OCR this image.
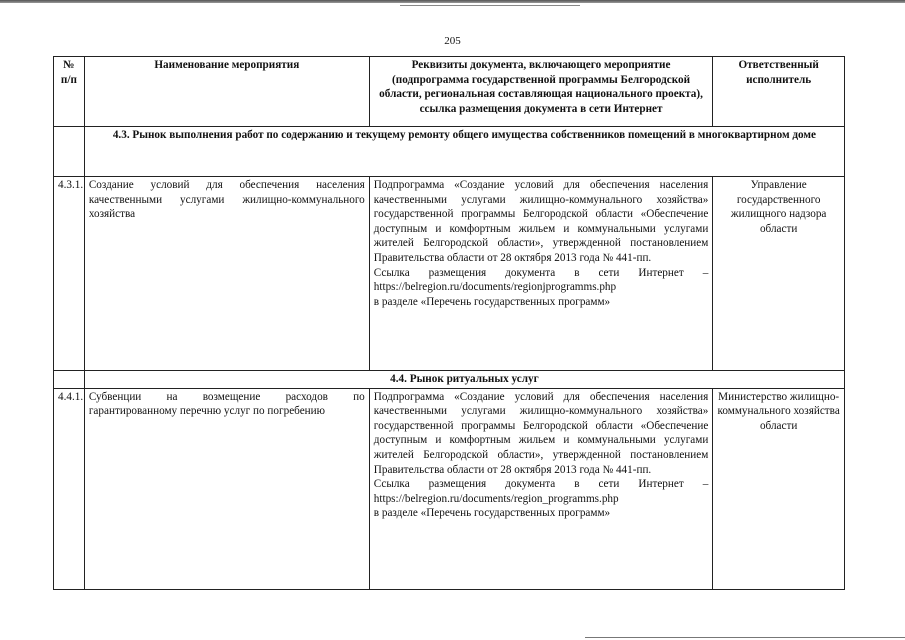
205
№ п/п	Наименование мероприятия	Реквизиты документа, включающего мероприятие (подпрограмма государственной программы Белгородской области, региональная составляющая национального проекта), ссылка размещения документа в сети Интернет	Ответственный исполнитель
	4.3. Рынок выполнения работ по содержанию и текущему ремонту общего имущества собственников помещений в многоквартирном доме		
4.3.1.	Создание условий для обеспечения населения качественными услугами жилищно-коммунального хозяйства	Подпрограмма «Создание условий для обеспечения населения качественными услугами жилищно-коммунального хозяйства» государственной программы Белгородской области «Обеспечение доступным и комфортным жильем и коммунальными услугами жителей Белгородской области», утвержденной постановлением Правительства области от 28 октября 2013 года № 441-пп.
Ссылка размещения документа в сети Интернет – https://belregion.ru/documents/regionjprogramms.php
в разделе «Перечень государственных программ»	Управление государственного жилищного надзора области
	4.4. Рынок ритуальных услуг		
4.4.1.	Субвенции на возмещение расходов по гарантированному перечню услуг по погребению	Подпрограмма «Создание условий для обеспечения населения качественными услугами жилищно-коммунального хозяйства» государственной программы Белгородской области «Обеспечение доступным и комфортным жильем и коммунальными услугами жителей Белгородской области», утвержденной постановлением Правительства области от 28 октября 2013 года № 441-пп.
Ссылка размещения документа в сети Интернет – https://belregion.ru/documents/region_programms.php
в разделе «Перечень государственных программ»	Министерство жилищно-коммунального хозяйства области
